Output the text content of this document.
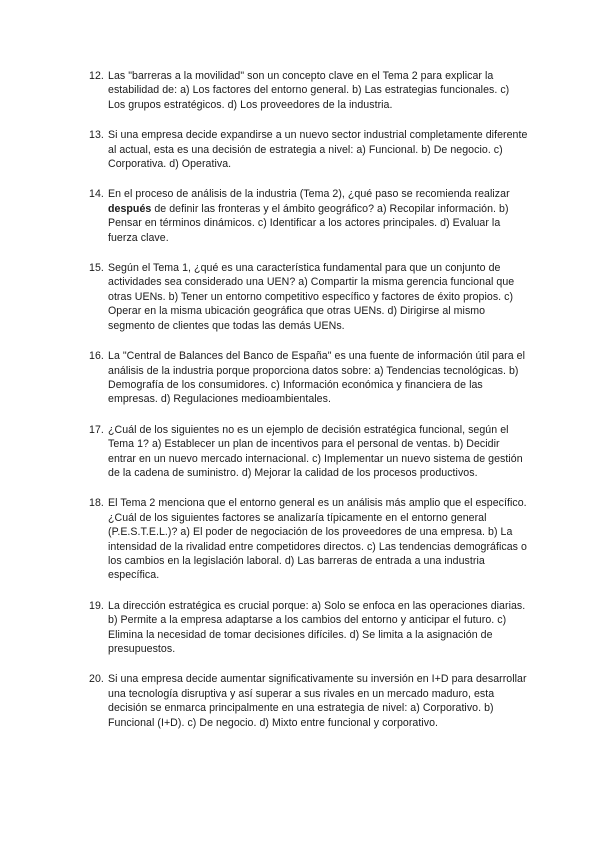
12. Las "barreras a la movilidad" son un concepto clave en el Tema 2 para explicar la estabilidad de: a) Los factores del entorno general. b) Las estrategias funcionales. c) Los grupos estratégicos. d) Los proveedores de la industria.
13. Si una empresa decide expandirse a un nuevo sector industrial completamente diferente al actual, esta es una decisión de estrategia a nivel: a) Funcional. b) De negocio. c) Corporativa. d) Operativa.
14. En el proceso de análisis de la industria (Tema 2), ¿qué paso se recomienda realizar después de definir las fronteras y el ámbito geográfico? a) Recopilar información. b) Pensar en términos dinámicos. c) Identificar a los actores principales. d) Evaluar la fuerza clave.
15. Según el Tema 1, ¿qué es una característica fundamental para que un conjunto de actividades sea considerado una UEN? a) Compartir la misma gerencia funcional que otras UENs. b) Tener un entorno competitivo específico y factores de éxito propios. c) Operar en la misma ubicación geográfica que otras UENs. d) Dirigirse al mismo segmento de clientes que todas las demás UENs.
16. La "Central de Balances del Banco de España" es una fuente de información útil para el análisis de la industria porque proporciona datos sobre: a) Tendencias tecnológicas. b) Demografía de los consumidores. c) Información económica y financiera de las empresas. d) Regulaciones medioambientales.
17. ¿Cuál de los siguientes no es un ejemplo de decisión estratégica funcional, según el Tema 1? a) Establecer un plan de incentivos para el personal de ventas. b) Decidir entrar en un nuevo mercado internacional. c) Implementar un nuevo sistema de gestión de la cadena de suministro. d) Mejorar la calidad de los procesos productivos.
18. El Tema 2 menciona que el entorno general es un análisis más amplio que el específico. ¿Cuál de los siguientes factores se analizaría típicamente en el entorno general (P.E.S.T.E.L.)? a) El poder de negociación de los proveedores de una empresa. b) La intensidad de la rivalidad entre competidores directos. c) Las tendencias demográficas o los cambios en la legislación laboral. d) Las barreras de entrada a una industria específica.
19. La dirección estratégica es crucial porque: a) Solo se enfoca en las operaciones diarias. b) Permite a la empresa adaptarse a los cambios del entorno y anticipar el futuro. c) Elimina la necesidad de tomar decisiones difíciles. d) Se limita a la asignación de presupuestos.
20. Si una empresa decide aumentar significativamente su inversión en I+D para desarrollar una tecnología disruptiva y así superar a sus rivales en un mercado maduro, esta decisión se enmarca principalmente en una estrategia de nivel: a) Corporativo. b) Funcional (I+D). c) De negocio. d) Mixto entre funcional y corporativo.
